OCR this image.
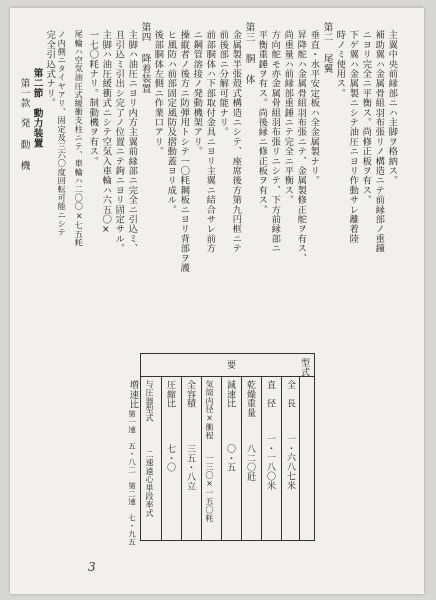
主翼中央前縁部ニハ主脚ヲ格納ス。
補助翼ハ金属骨組羽布張リノ構造ニテ前縁部ノ重鐘
ニヨリ完全ニ平衡ス。尚修正板ヲ有ス。
下ゲ翼ハ金属製ニシテ油圧ニヨリ作動サレ離着陸
時ノミ使用ス。
第二 尾翼
垂直・水平安定板ハ全金属製ナリ。
昇降舵ハ金属骨組羽布張ニテ、金属製修正舵ヲ有ス、
尚重量ハ前縁部重錘ニテ完全ニ平衡ス。
方向舵モ亦金属骨組羽布張リニシテ、下方前縁部ニ
平衡重錘ヲ有ス。尚後縁ニ修正板ヲ有ス。
第三 胴 体
金属製半張殻式構造ニシテ、座席後方第九円框ニテ
前後部ニ分解可能ナリ。
前部胴体ハ下部取付金具ニヨリ主翼ニ結合サレ前方
ニ鋼管溶接ノ発動機架アリ。
操縦者ノ後方ニ防弾用トシテ一〇粍鋼板ニヨリ背部ヲ護
ヒ風防ハ前部固定風防及摺動蓋ヨリ成ル。
後部胴体左側ニ作業口アリ。
第四 降着装置
主脚ハ油圧ニヨリ内方主翼前縁部ニ完全ニ引込ミ、
且引込ミ引出シ完了ノ位置ニテ鉤ニヨリ固定サル。
主脚ハ油圧緩衝式ニシテ空気入車輪ハ六五〇×
一七〇粍ナリ。制動機ヲ有ス。
尾輪ハ空気油圧式緩衝支柱ニテ、車輪ハ二〇〇×七五粍
ノ内側ニタイヤアリ、固定及三六〇度回転可能ニシテ
完全引込式ナリ。
第二節　動力装置
第一款　発 動 機
型式
要
全　長
一・六八七米
直　径
一・一八〇米
乾燥重量
八二〇瓩
減速比
〇・五
気筒内径×衝程
一三〇×一五〇粍
全容積
三五・八立
圧縮比
七・〇
与圧器型式
二速遠心単段率式
増速比
第一速　五・八二　第二速　七・九五
3
